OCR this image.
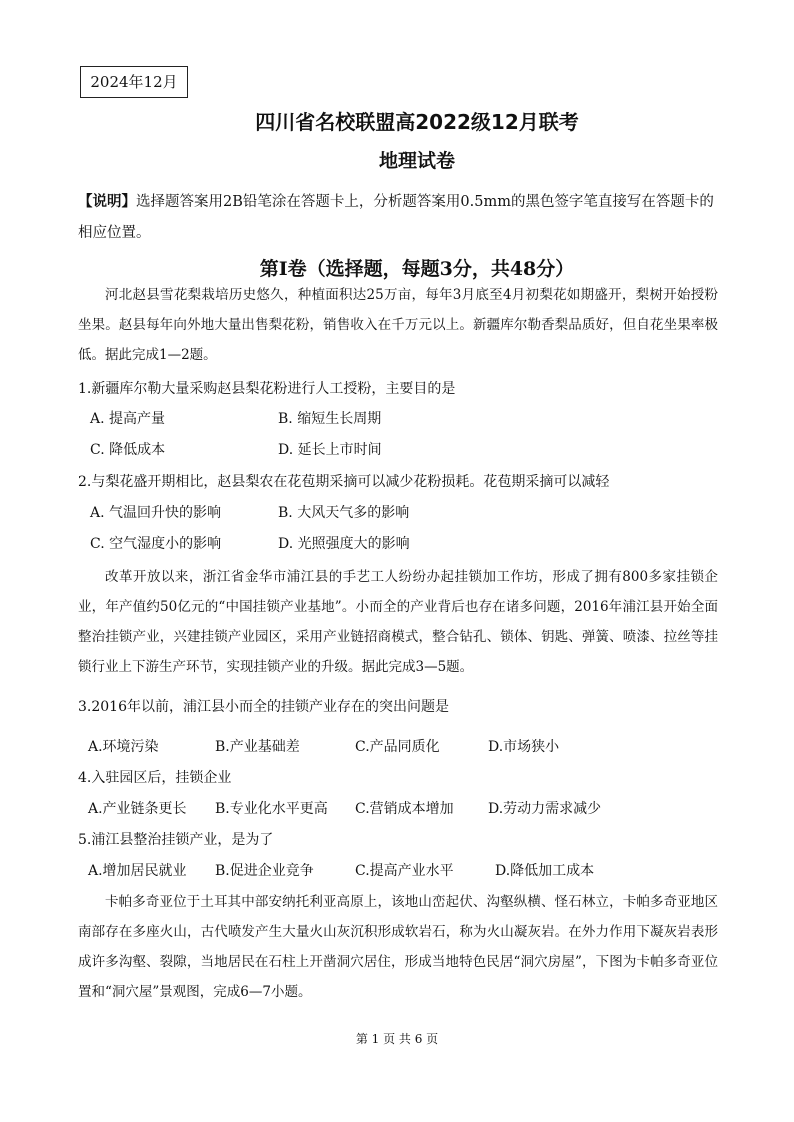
2024年12月
四川省名校联盟高2022级12月联考
地理试卷
【说明】选择题答案用2B铅笔涂在答题卡上，分析题答案用0.5mm的黑色签字笔直接写在答题卡的相应位置。
第Ⅰ卷（选择题，每题3分，共48分）
河北赵县雪花梨栽培历史悠久，种植面积达25万亩，每年3月底至4月初梨花如期盛开，梨树开始授粉坐果。赵县每年向外地大量出售梨花粉，销售收入在千万元以上。新疆库尔勒香梨品质好，但自花坐果率极低。据此完成1—2题。
1.新疆库尔勒大量采购赵县梨花粉进行人工授粉，主要目的是
A. 提高产量	B. 缩短生长周期
C. 降低成本	D. 延长上市时间
2.与梨花盛开期相比，赵县梨农在花苞期采摘可以减少花粉损耗。花苞期采摘可以减轻
A. 气温回升快的影响	B. 大风天气多的影响
C. 空气湿度小的影响	D. 光照强度大的影响
改革开放以来，浙江省金华市浦江县的手艺工人纷纷办起挂锁加工作坊，形成了拥有800多家挂锁企业，年产值约50亿元的“中国挂锁产业基地”。小而全的产业背后也存在诸多问题，2016年浦江县开始全面整治挂锁产业，兴建挂锁产业园区，采用产业链招商模式，整合钻孔、锁体、钥匙、弹簧、喷漆、拉丝等挂锁行业上下游生产环节，实现挂锁产业的升级。据此完成3—5题。
3.2016年以前，浦江县小而全的挂锁产业存在的突出问题是
A.环境污染	B.产业基础差	C.产品同质化	D.市场狭小
4.入驻园区后，挂锁企业
A.产业链条更长 B.专业化水平更高 C.营销成本增加 D.劳动力需求减少
5.浦江县整治挂锁产业，是为了
A.增加居民就业 B.促进企业竞争	C.提高产业水平	D.降低加工成本
卡帕多奇亚位于土耳其中部安纳托利亚高原上，该地山峦起伏、沟壑纵横、怪石林立，卡帕多奇亚地区南部存在多座火山，古代喷发产生大量火山灰沉积形成软岩石，称为火山凝灰岩。在外力作用下凝灰岩表形成许多沟壑、裂隙，当地居民在石柱上开凿洞穴居住，形成当地特色民居“洞穴房屋”，下图为卡帕多奇亚位置和“洞穴屋”景观图，完成6—7小题。
第 1 页 共 6 页
